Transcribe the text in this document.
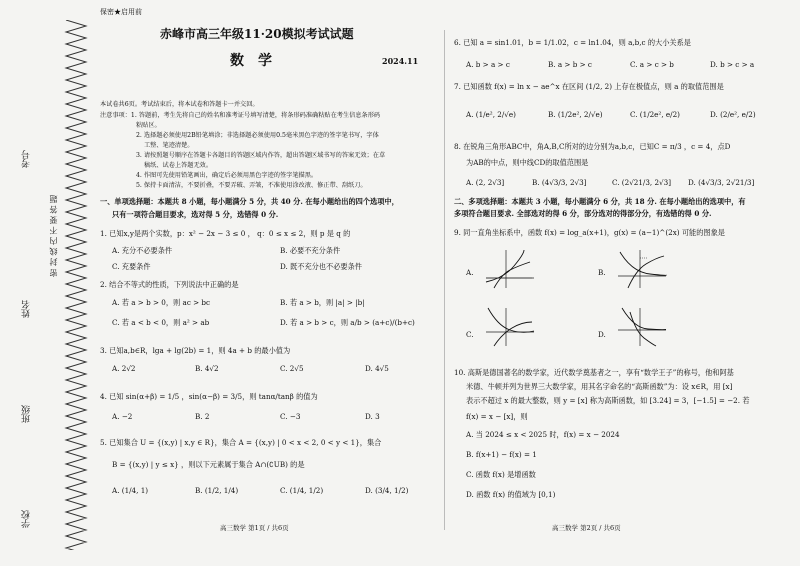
学校
班级
姓名
考号
密 封 线 内 不 要 答 题
保密★启用前
赤峰市高三年级11·20模拟考试试题
数　学	2024.11
本试卷共6页。考试结束后，将本试卷和答题卡一并交回。
注意事项：1. 答题前，考生先将自己的姓名和准考证号填写清楚，将条形码准确粘贴在考生信息条形码
粘贴区。
2. 选择题必须使用2B铅笔填涂；非选择题必须使用0.5毫米黑色字迹的签字笔书写，字体
工整、笔迹清楚。
3. 请按照题号顺序在答题卡各题目的答题区域内作答，超出答题区域书写的答案无效；在草
稿纸、试卷上答题无效。
4. 作图可先使用铅笔画出，确定后必须用黑色字迹的签字笔描黑。
5. 保持卡面清洁，不要折叠，不要弄破、弄皱，不准使用涂改液、修正带、刮纸刀。
一、单项选择题：本题共 8 小题，每小题满分 5 分，共 40 分. 在每小题给出的四个选项中，
只有一项符合题目要求，选对得 5 分，选错得 0 分.
1. 已知x,y是两个实数，p：x² − 2x − 3 ≤ 0 ， q：0 ≤ x ≤ 2，则 p 是 q 的
A. 充分不必要条件	B. 必要不充分条件
C. 充要条件	D. 既不充分也不必要条件
2. 结合不等式的性质，下列说法中正确的是
A. 若 a > b > 0，则 ac > bc	B. 若 a > b，则 |a| > |b|
C. 若 a < b < 0，则 a² > ab	D. 若 a > b > c，则 a/b > (a+c)/(b+c)
3. 已知a,b∈R，lga + lg(2b) = 1，则 4a + b 的最小值为
A. 2√2	B. 4√2	C. 2√5	D. 4√5
4. 已知 sin(α+β) = 1/5 ，sin(α−β) = 3/5，则 tanα/tanβ 的值为
A. −2	B. 2	C. −3	D. 3
5. 已知集合 U = {(x,y) | x,y ∈ R}，集合 A = {(x,y) | 0 < x < 2, 0 < y < 1}，集合
B = {(x,y) | y ≤ x} ，则以下元素属于集合 A∩(∁UB) 的是
A. (1/4, 1)	B. (1/2, 1/4)	C. (1/4, 1/2)	D. (3/4, 1/2)
高三数学 第1页 / 共6页
6. 已知 a = sin1.01，b = 1/1.02，c = ln1.04，则 a,b,c 的大小关系是
A. b > a > c	B. a > b > c	C. a > c > b	D. b > c > a
7. 已知函数 f(x) = ln x − ae^x 在区间 (1/2, 2) 上存在极值点，则 a 的取值范围是
A. (1/e², 2/√e)	B. (1/2e², 2/√e)	C. (1/2e², e/2)	D. (2/e², e/2)
8. 在锐角三角形ABC中，角A,B,C所对的边分别为a,b,c，已知C = π/3 ，c = 4，点D
为AB的中点，则中线CD的取值范围是
A. (2, 2√3]	B. (4√3/3, 2√3]	C. (2√21/3, 2√3] D. (4√3/3, 2√21/3]
二、多项选择题：本题共 3 小题，每小题满分 6 分，共 18 分. 在每小题给出的选项中，有
多项符合题目要求. 全部选对的得 6 分，部分选对的得部分分，有选错的得 0 分.
9. 同一直角坐标系中，函数 f(x) = log_a(x+1)，g(x) = (a−1)^(2x) 可能的图象是
A.	B.
C.	D.
10. 高斯是德国著名的数学家，近代数学奠基者之一，享有“数学王子”的称号，他和阿基
米德、牛顿并列为世界三大数学家，用其名字命名的“高斯函数”为：设 x∈R，用 [x]
表示不超过 x 的最大整数，则 y = [x] 称为高斯函数，如 [3.24] = 3，[−1.5] = −2. 若
f(x) = x − [x]，则
A. 当 2024 ≤ x < 2025 时，f(x) = x − 2024
B. f(x+1) − f(x) = 1
C. 函数 f(x) 是增函数
D. 函数 f(x) 的值域为 [0,1)
高三数学 第2页 / 共6页
